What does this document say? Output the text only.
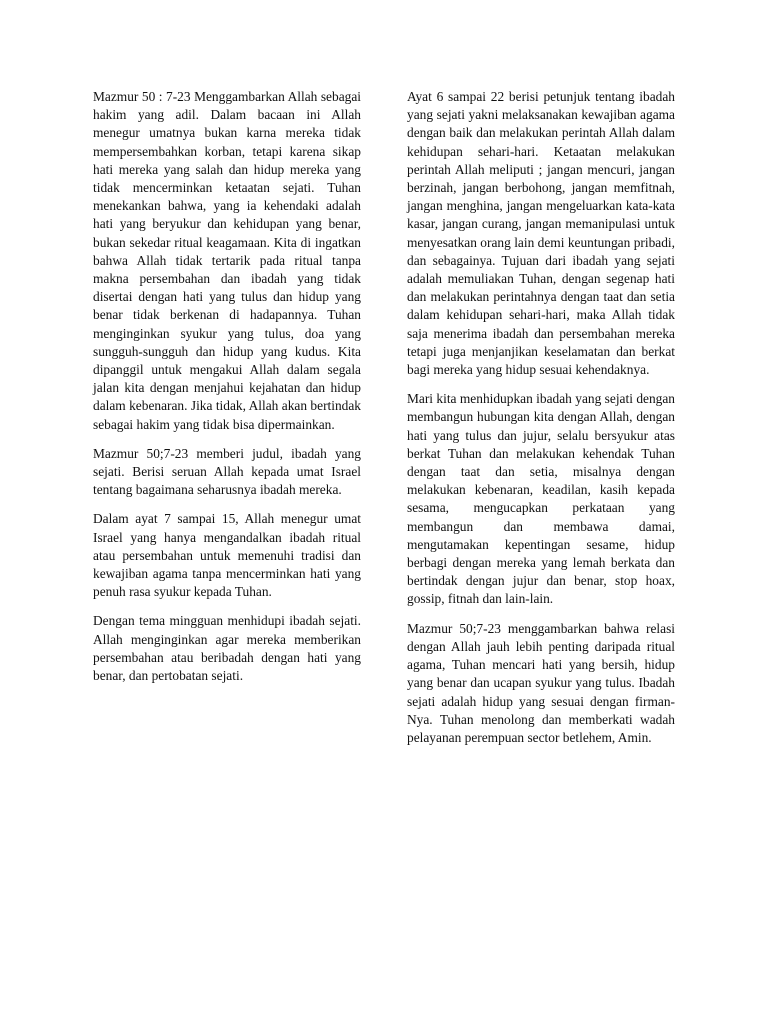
Mazmur 50 : 7-23 Menggambarkan Allah sebagai hakim yang adil. Dalam bacaan ini Allah menegur umatnya bukan karna mereka tidak mempersembahkan korban, tetapi karena sikap hati mereka yang salah dan hidup mereka yang tidak mencerminkan ketaatan sejati. Tuhan menekankan bahwa, yang ia kehendaki adalah hati yang beryukur dan kehidupan yang benar, bukan sekedar ritual keagamaan. Kita di ingatkan bahwa Allah tidak tertarik pada ritual tanpa makna persembahan dan ibadah yang tidak disertai dengan hati yang tulus dan hidup yang benar tidak berkenan di hadapannya. Tuhan menginginkan syukur yang tulus, doa yang sungguh-sungguh dan hidup yang kudus. Kita dipanggil untuk mengakui Allah dalam segala jalan kita dengan menjahui kejahatan dan hidup dalam kebenaran. Jika tidak, Allah akan bertindak sebagai hakim yang tidak bisa dipermainkan.

Mazmur 50;7-23 memberi judul, ibadah yang sejati. Berisi seruan Allah kepada umat Israel tentang bagaimana seharusnya ibadah mereka.

Dalam ayat 7 sampai 15, Allah menegur umat Israel yang hanya mengandalkan ibadah ritual atau persembahan untuk memenuhi tradisi dan kewajiban agama tanpa mencerminkan hati yang penuh rasa syukur kepada Tuhan.

Dengan tema mingguan menhidupi ibadah sejati. Allah menginginkan agar mereka memberikan persembahan atau beribadah dengan hati yang benar, dan pertobatan sejati.

Ayat 6 sampai 22 berisi petunjuk tentang ibadah yang sejati yakni melaksanakan kewajiban agama dengan baik dan melakukan perintah Allah dalam kehidupan sehari-hari. Ketaatan melakukan perintah Allah meliputi ; jangan mencuri, jangan berzinah, jangan berbohong, jangan memfitnah, jangan menghina, jangan mengeluarkan kata-kata kasar, jangan curang, jangan memanipulasi untuk menyesatkan orang lain demi keuntungan pribadi, dan sebagainya. Tujuan dari ibadah yang sejati adalah memuliakan Tuhan, dengan segenap hati dan melakukan perintahnya dengan taat dan setia dalam kehidupan sehari-hari, maka Allah tidak saja menerima ibadah dan persembahan mereka tetapi juga menjanjikan keselamatan dan berkat bagi mereka yang hidup sesuai kehendaknya.

Mari kita menhidupkan ibadah yang sejati dengan membangun hubungan kita dengan Allah, dengan hati yang tulus dan jujur, selalu bersyukur atas berkat Tuhan dan melakukan kehendak Tuhan dengan taat dan setia, misalnya dengan melakukan kebenaran, keadilan, kasih kepada sesama, mengucapkan perkataan yang membangun dan membawa damai, mengutamakan kepentingan sesame, hidup berbagi dengan mereka yang lemah berkata dan bertindak dengan jujur dan benar, stop hoax, gossip, fitnah dan lain-lain.

Mazmur 50;7-23 menggambarkan bahwa relasi dengan Allah jauh lebih penting daripada ritual agama, Tuhan mencari hati yang bersih, hidup yang benar dan ucapan syukur yang tulus. Ibadah sejati adalah hidup yang sesuai dengan firman-Nya. Tuhan menolong dan memberkati wadah pelayanan perempuan sector betlehem, Amin.
